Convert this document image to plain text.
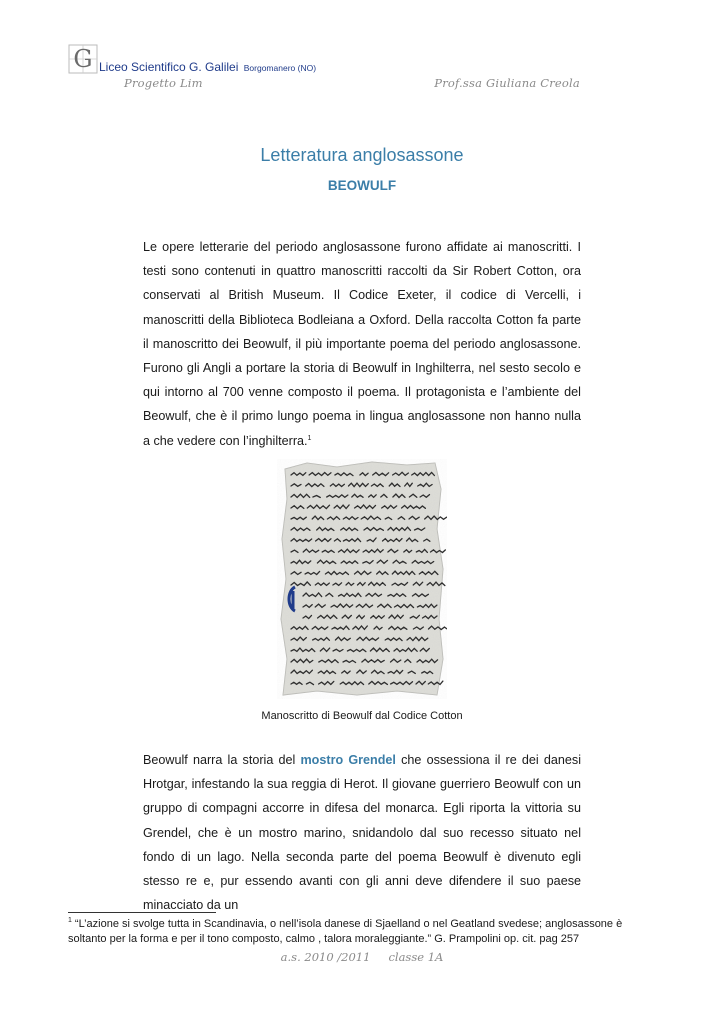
G Liceo Scientifico G. Galilei Borgomanero (NO)
Progetto Lim	Prof.ssa Giuliana Creola
Letteratura anglosassone
BEOWULF
Le opere letterarie del periodo anglosassone furono affidate ai manoscritti. I testi sono contenuti in quattro manoscritti raccolti da Sir Robert Cotton, ora conservati al British Museum. Il Codice Exeter, il codice di Vercelli, i manoscritti della Biblioteca Bodleiana a Oxford. Della raccolta Cotton fa parte il manoscritto dei Beowulf, il più importante poema del periodo anglosassone. Furono gli Angli a portare la storia di Beowulf in Inghilterra, nel sesto secolo e qui intorno al 700 venne composto il poema. Il protagonista e l’ambiente del Beowulf, che è il primo lungo poema in lingua anglosassone non hanno nulla a che vedere con l’inghilterra.$^1$
Manoscritto di Beowulf dal Codice Cotton
Beowulf narra la storia del mostro Grendel che ossessiona il re dei danesi Hrotgar, infestando la sua reggia di Herot. Il giovane guerriero Beowulf con un gruppo di compagni accorre in difesa del monarca. Egli riporta la vittoria su Grendel, che è un mostro marino, snidandolo dal suo recesso situato nel fondo di un lago. Nella seconda parte del poema Beowulf è divenuto egli stesso re e, pur essendo avanti con gli anni deve difendere il suo paese minacciato da un
$^1$ “L’azione si svolge tutta in Scandinavia, o nell’isola danese di Sjaelland o nel Geatland svedese; anglosassone è soltanto per la forma e per il tono composto, calmo , talora moraleggiante.” G. Prampolini op. cit. pag 257
a.s. 2010 /2011 classe 1A
